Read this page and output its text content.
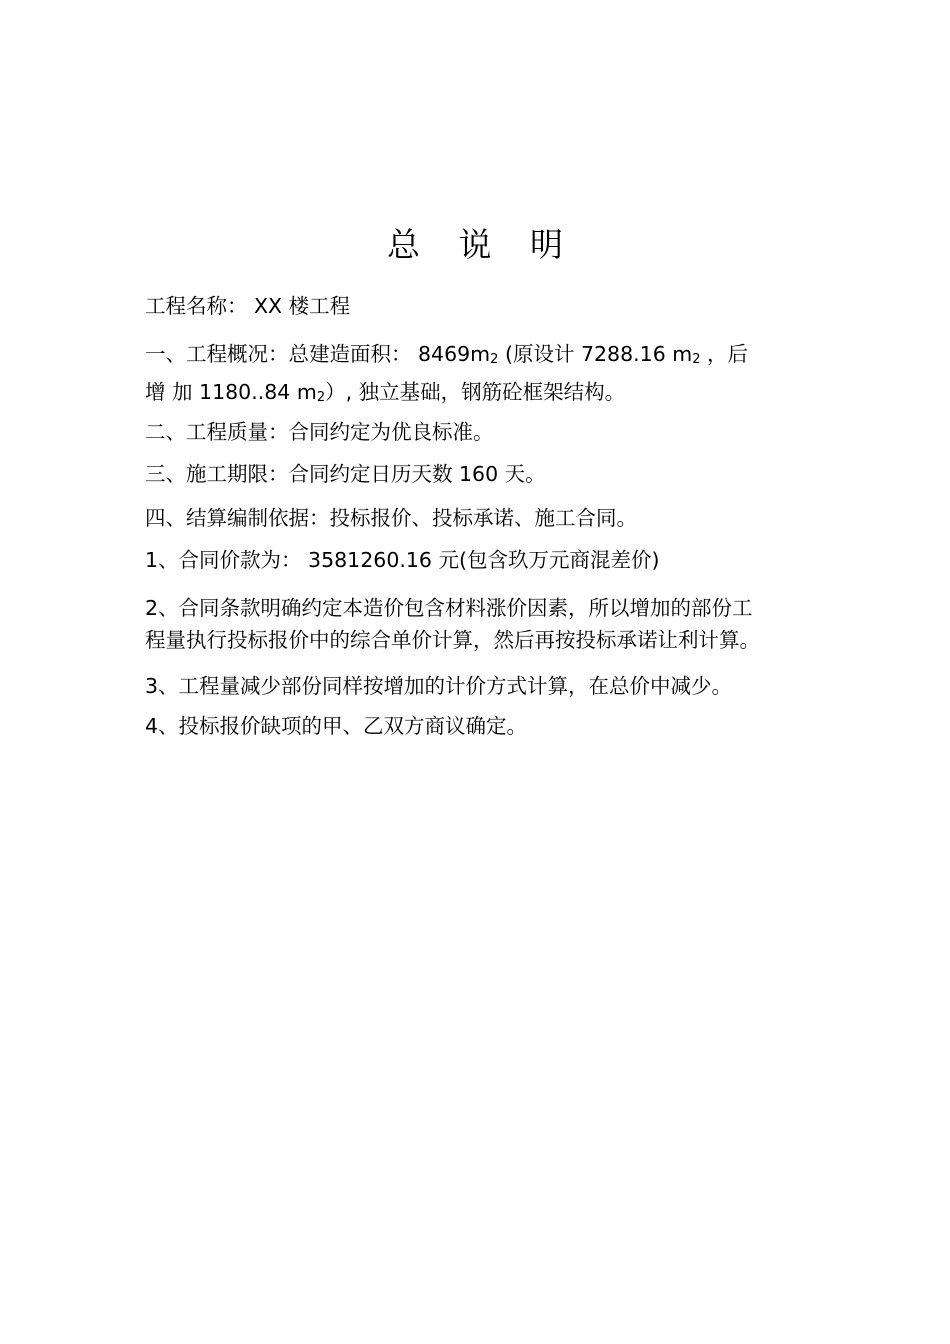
总 说 明
工程名称： XX 楼工程
一、工程概况：总建造面积： 8469m2 (原设计 7288.16 m2 ，后
增 加 1180..84 m2）, 独立基础，钢筋砼框架结构。
二、工程质量：合同约定为优良标准。
三、施工期限：合同约定日历天数 160 天。
四、结算编制依据：投标报价、投标承诺、施工合同。
1、合同价款为： 3581260.16 元(包含玖万元商混差价)
2、合同条款明确约定本造价包含材料涨价因素，所以增加的部份工
程量执行投标报价中的综合单价计算，然后再按投标承诺让利计算。
3、工程量减少部份同样按增加的计价方式计算，在总价中减少。
4、投标报价缺项的甲、乙双方商议确定。
